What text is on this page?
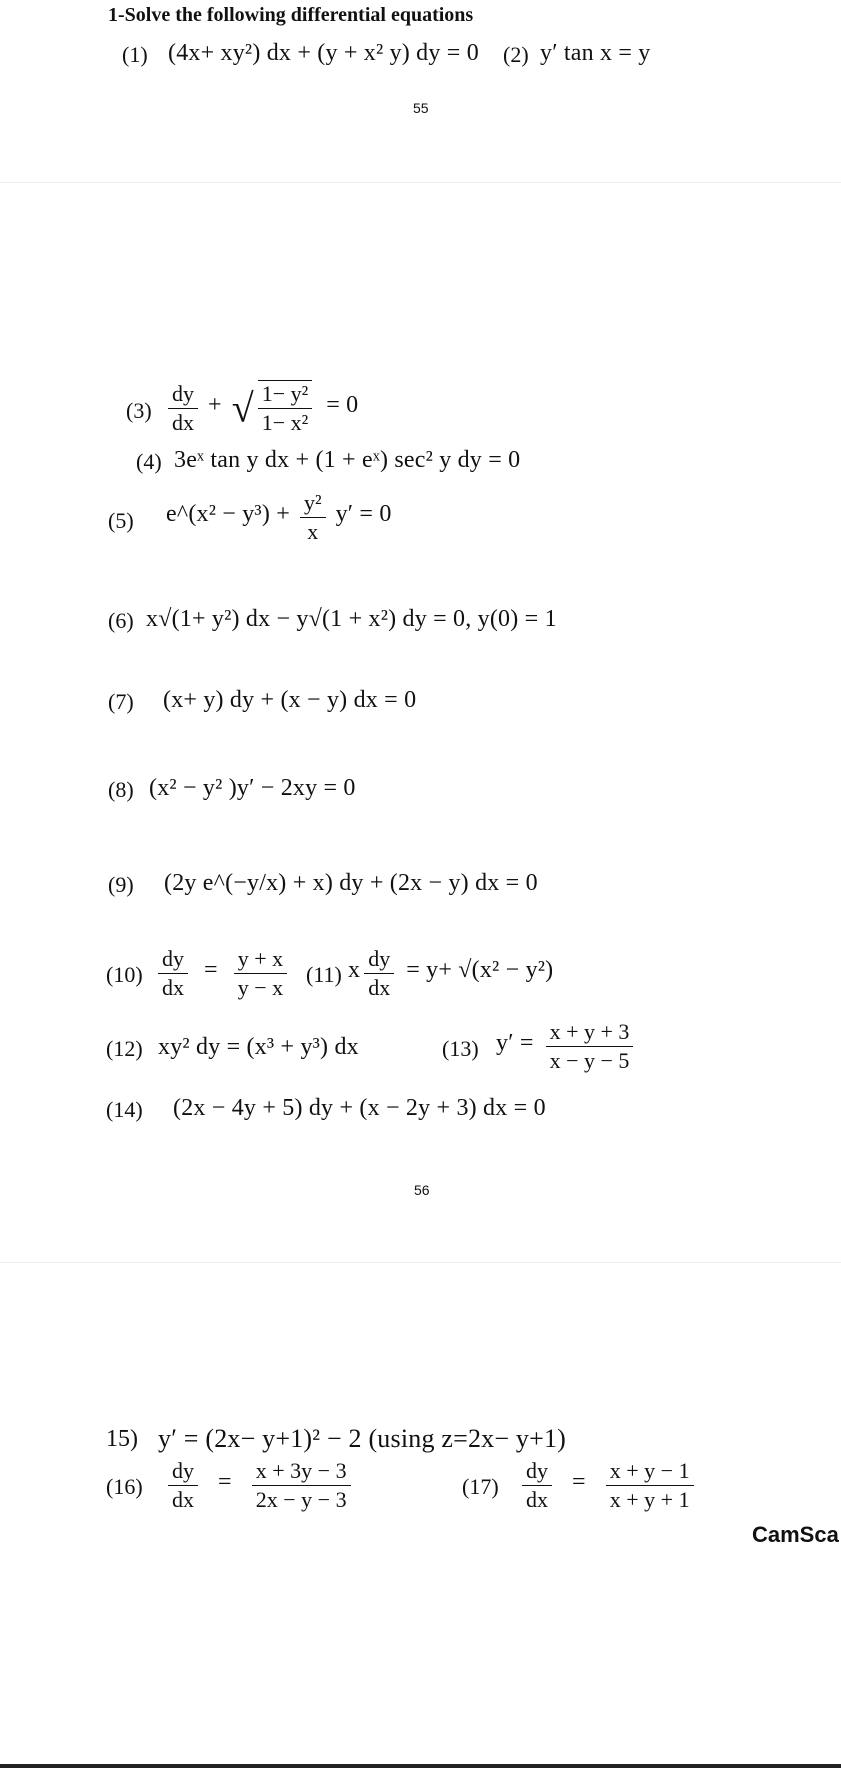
1-Solve the following differential equations
(1) (4x+ xy²) dx + (y + x² y) dy = 0 (2) y′ tan x = y
55
$(3) \frac{dy}{dx}$ + √ $\frac{\text{1− y²}}{\text{1− x²}} = 0$
(4) 3eˣ tan y dx + (1 + eˣ) sec² y dy = 0
(5) e^(x² − $y^3) + \frac{\text{y²}}{x} y' = 0$
(6) x√(1+ y²) dx − y√(1 + x²) dy = 0, y(0) = 1
(7) (x+ y) dy + (x − y) dx = 0
(8) (x² − y² )y′ − 2xy = 0
(9) (2y e^(−y/x) + x) dy + (2x − y) dx = 0
$(10) \frac{dy}{dx} = \frac{y + x}{y - x} (11)$ x $\frac{dy}{dx} = y+ √(x^2 - y^2)$
(12) xy² dy = (x³ + y³) dx	(13) $y' = \frac{x + y + 3}{x - y - 5}$
(14) (2x − 4y + 5) dy + (x − 2y + 3) dx = 0
56
15) y′ = (2x− y+1)² − 2 (using z=2x− y+1)
$(16) \frac{dy}{dx} = \frac{x + 3y - 3}{2x - y - 3}$	$(17) \frac{dy}{dx} = \frac{x + y - 1}{x + y + 1}$
CamSca
